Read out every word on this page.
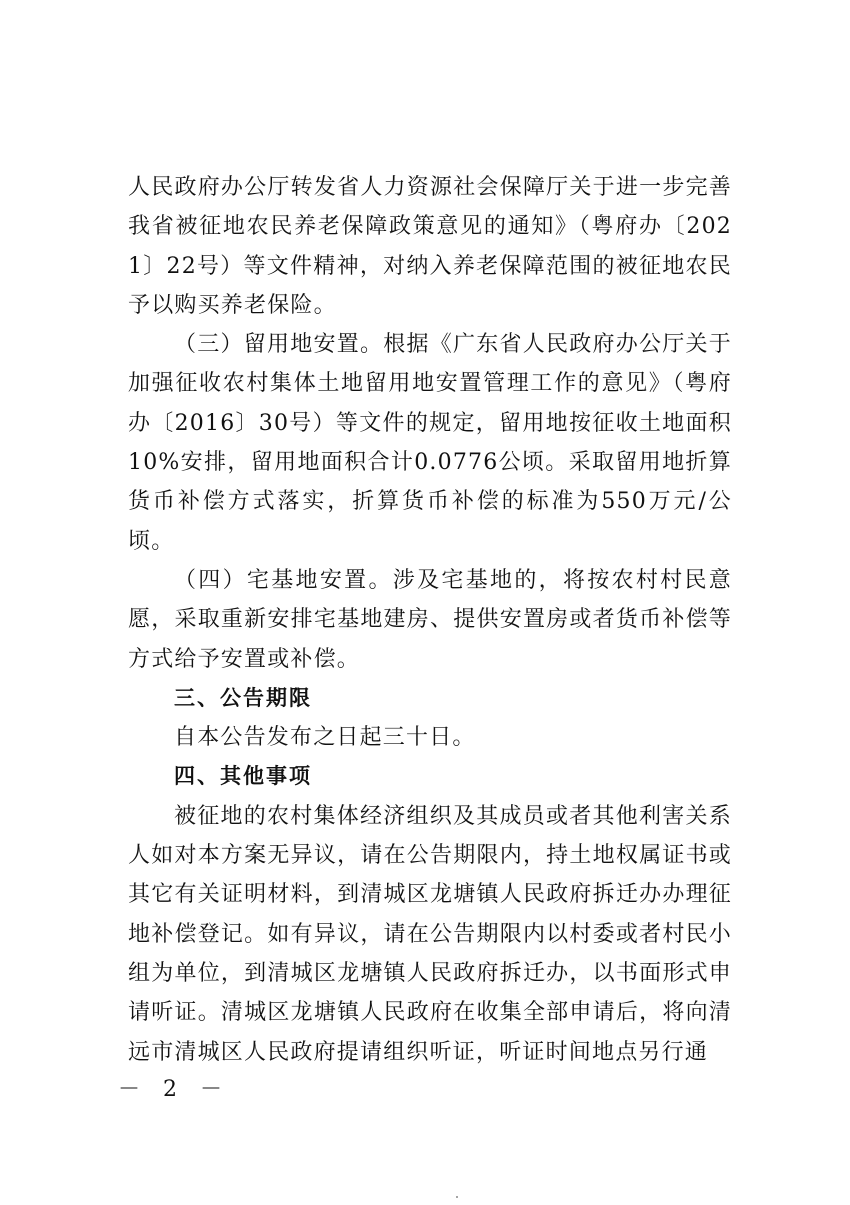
人民政府办公厅转发省人力资源社会保障厅关于进一步完善我省被征地农民养老保障政策意见的通知》（粤府办〔2021〕22号）等文件精神，对纳入养老保障范围的被征地农民予以购买养老保险。

（三）留用地安置。根据《广东省人民政府办公厅关于加强征收农村集体土地留用地安置管理工作的意见》（粤府办〔2016〕30号）等文件的规定，留用地按征收土地面积10%安排，留用地面积合计0.0776公顷。采取留用地折算货币补偿方式落实，折算货币补偿的标准为550万元/公顷。

（四）宅基地安置。涉及宅基地的，将按农村村民意愿，采取重新安排宅基地建房、提供安置房或者货币补偿等方式给予安置或补偿。

三、公告期限

自本公告发布之日起三十日。

四、其他事项

被征地的农村集体经济组织及其成员或者其他利害关系人如对本方案无异议，请在公告期限内，持土地权属证书或其它有关证明材料，到清城区龙塘镇人民政府拆迁办办理征地补偿登记。如有异议，请在公告期限内以村委或者村民小组为单位，到清城区龙塘镇人民政府拆迁办，以书面形式申请听证。清城区龙塘镇人民政府在收集全部申请后，将向清远市清城区人民政府提请组织听证，听证时间地点另行通

－ 2 －
